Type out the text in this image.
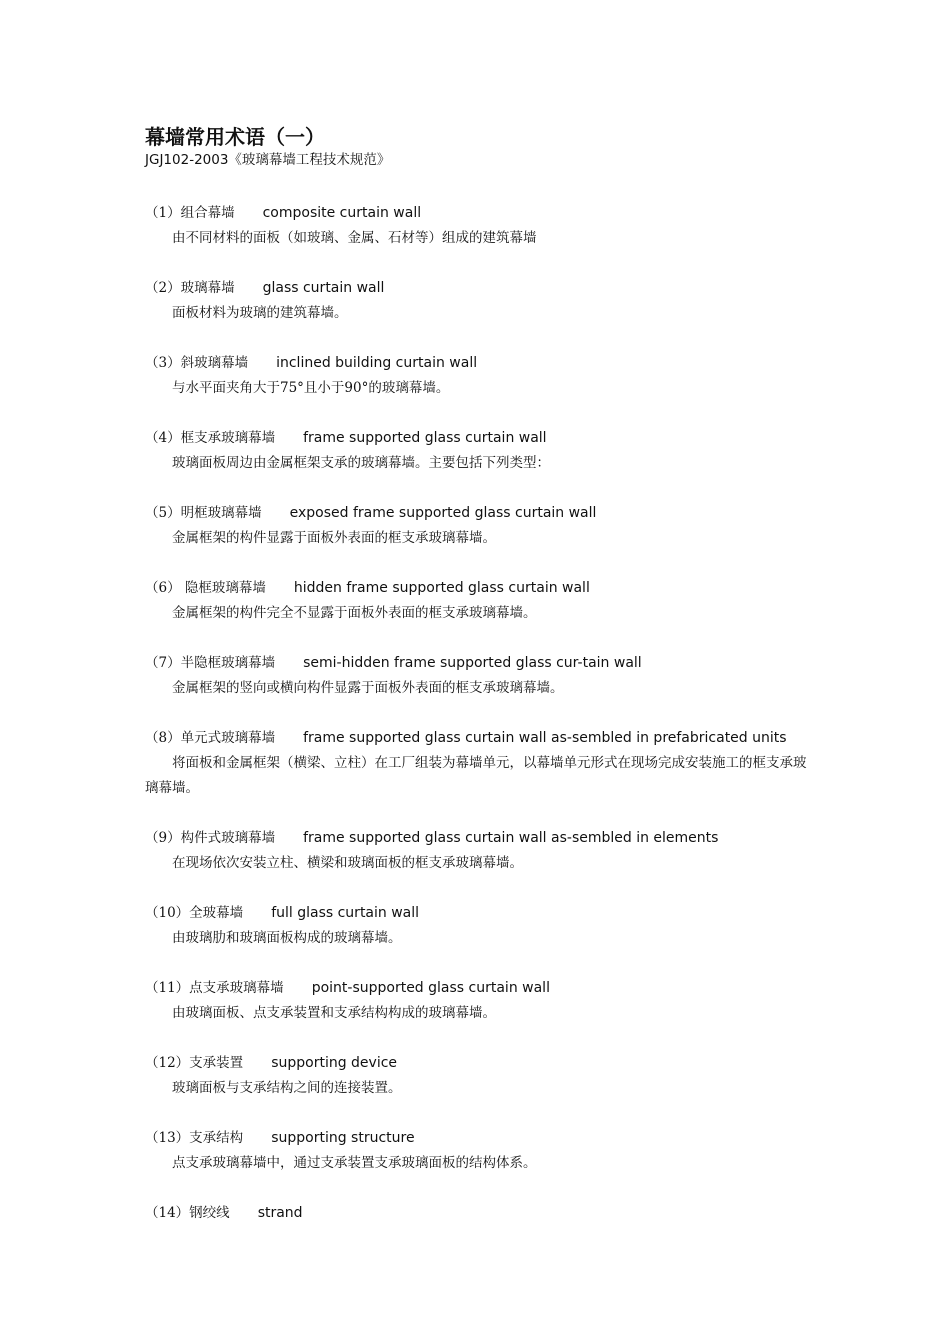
幕墙常用术语（一）

JGJ102-2003《玻璃幕墙工程技术规范》

（1）组合幕墙 composite curtain wall

由不同材料的面板（如玻璃、金属、石材等）组成的建筑幕墙

（2）玻璃幕墙 glass curtain wall

面板材料为玻璃的建筑幕墙。

（3）斜玻璃幕墙 inclined building curtain wall

与水平面夹角大于75°且小于90°的玻璃幕墙。

（4）框支承玻璃幕墙 frame supported glass curtain wall

玻璃面板周边由金属框架支承的玻璃幕墙。主要包括下列类型：

（5）明框玻璃幕墙 exposed frame supported glass curtain wall

金属框架的构件显露于面板外表面的框支承玻璃幕墙。

（6） 隐框玻璃幕墙 hidden frame supported glass curtain wall

金属框架的构件完全不显露于面板外表面的框支承玻璃幕墙。

（7）半隐框玻璃幕墙 semi-hidden frame supported glass cur-tain wall

金属框架的竖向或横向构件显露于面板外表面的框支承玻璃幕墙。

（8）单元式玻璃幕墙 frame supported glass curtain wall as-sembled in prefabricated units

将面板和金属框架（横梁、立柱）在工厂组装为幕墙单元，以幕墙单元形式在现场完成安装施工的框支承玻璃幕墙。

（9）构件式玻璃幕墙 frame supported glass curtain wall as-sembled in elements

在现场依次安装立柱、横梁和玻璃面板的框支承玻璃幕墙。

（10）全玻幕墙 full glass curtain wall

由玻璃肋和玻璃面板构成的玻璃幕墙。

（11）点支承玻璃幕墙 point-supported glass curtain wall

由玻璃面板、点支承装置和支承结构构成的玻璃幕墙。

（12）支承装置 supporting device

玻璃面板与支承结构之间的连接装置。

（13）支承结构 supporting structure

点支承玻璃幕墙中，通过支承装置支承玻璃面板的结构体系。

（14）钢绞线 strand
